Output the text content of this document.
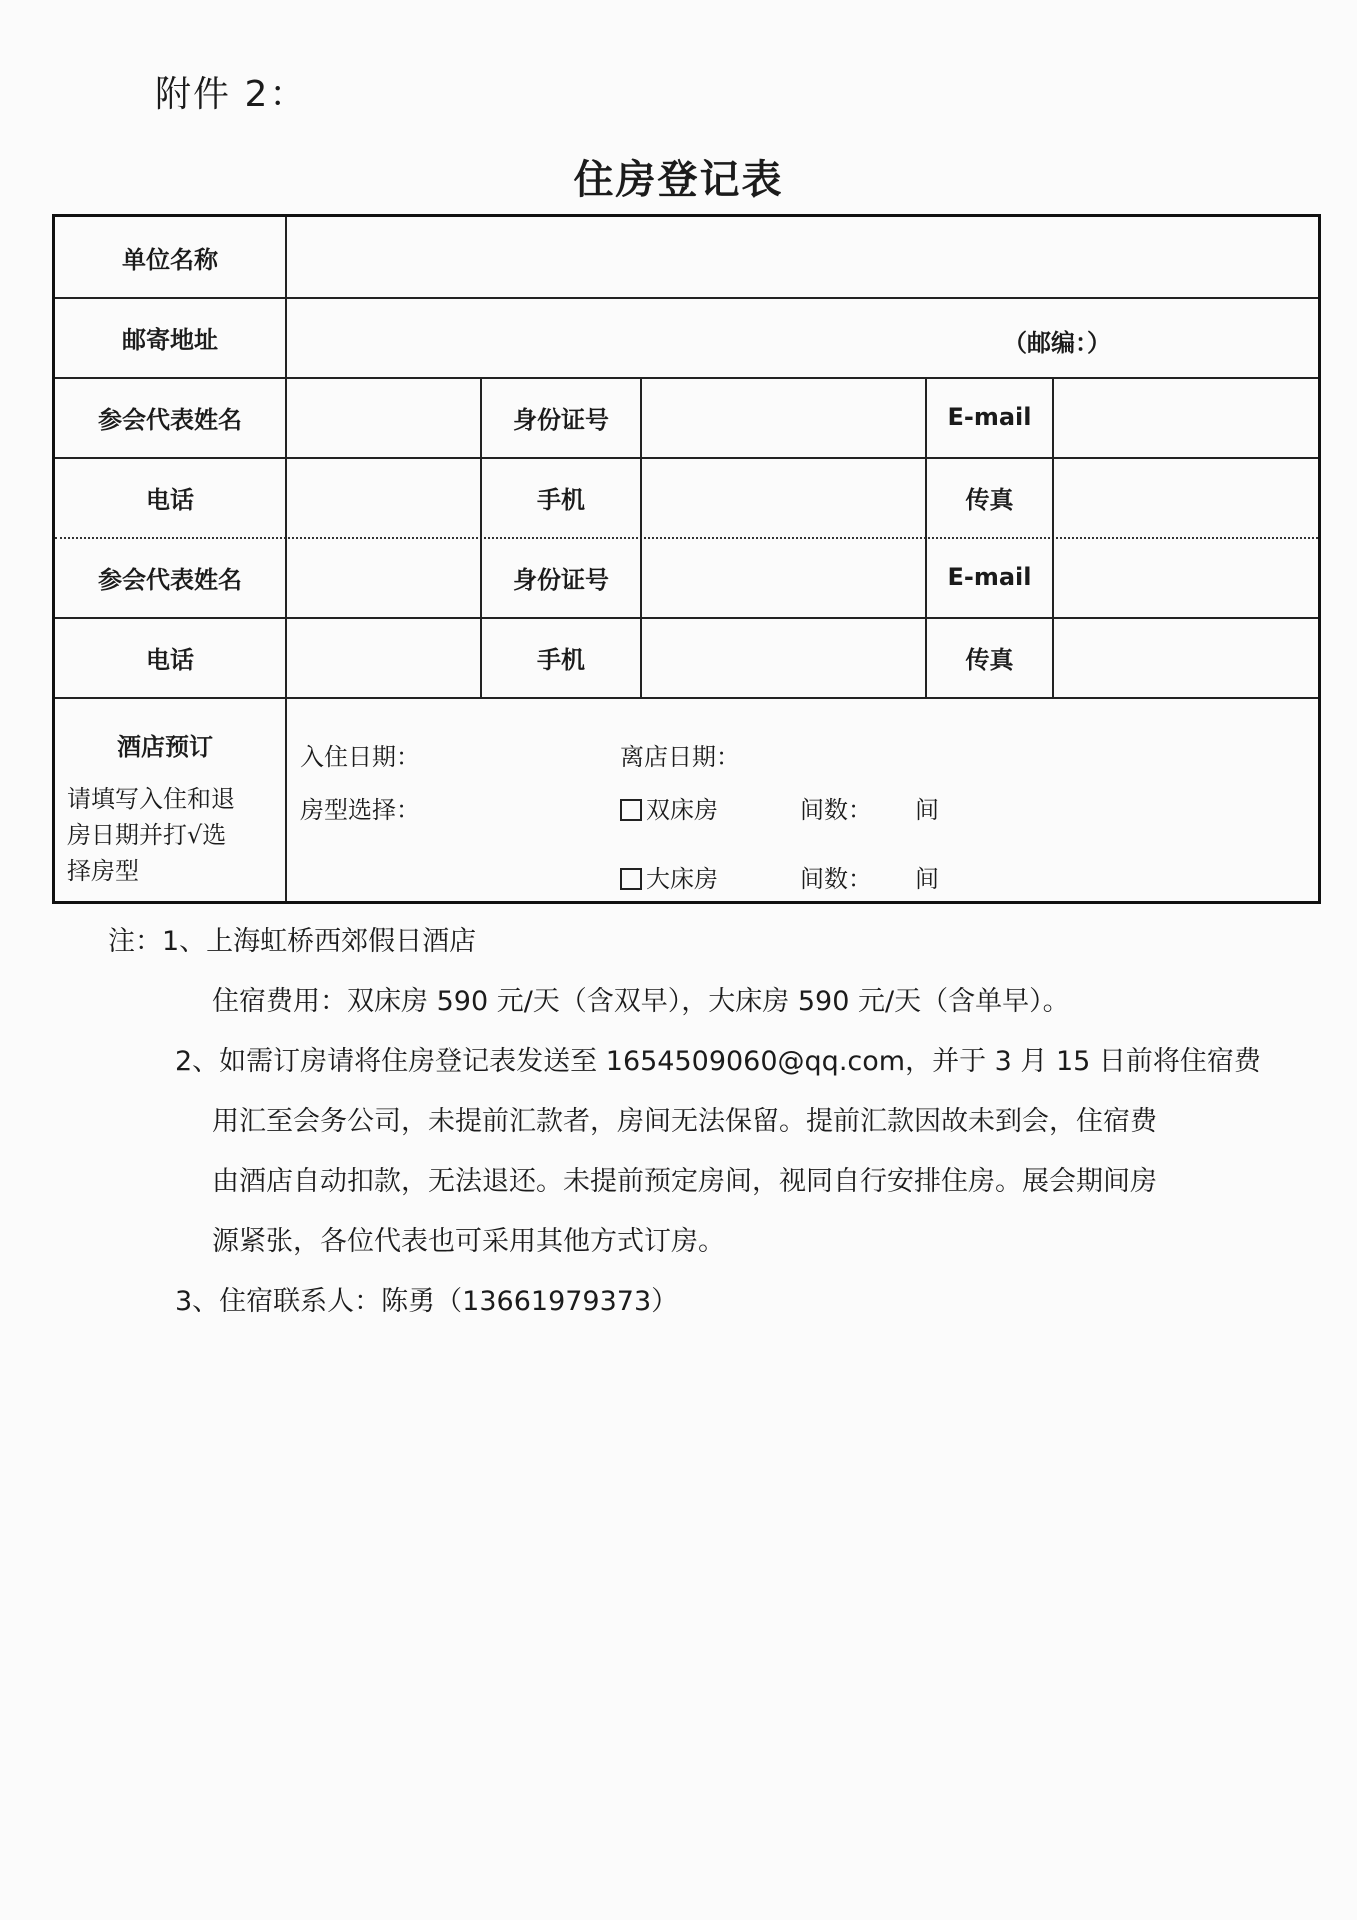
附件 2：
住房登记表
单位名称
邮寄地址	（邮编：）
参会代表姓名	身份证号	E-mail
电话	手机	传真
参会代表姓名	身份证号	E-mail
电话	手机	传真
酒店预订
请填写入住和退
房日期并打√选
择房型
入住日期：	离店日期：
房型选择：	双床房	间数： 间
大床房	间数： 间
注：1、上海虹桥西郊假日酒店
住宿费用：双床房 590 元/天（含双早），大床房 590 元/天（含单早）。
2、如需订房请将住房登记表发送至 1654509060@qq.com，并于 3 月 15 日前将住宿费
用汇至会务公司，未提前汇款者，房间无法保留。提前汇款因故未到会，住宿费
由酒店自动扣款，无法退还。未提前预定房间，视同自行安排住房。展会期间房
源紧张，各位代表也可采用其他方式订房。
3、住宿联系人：陈勇（13661979373）
